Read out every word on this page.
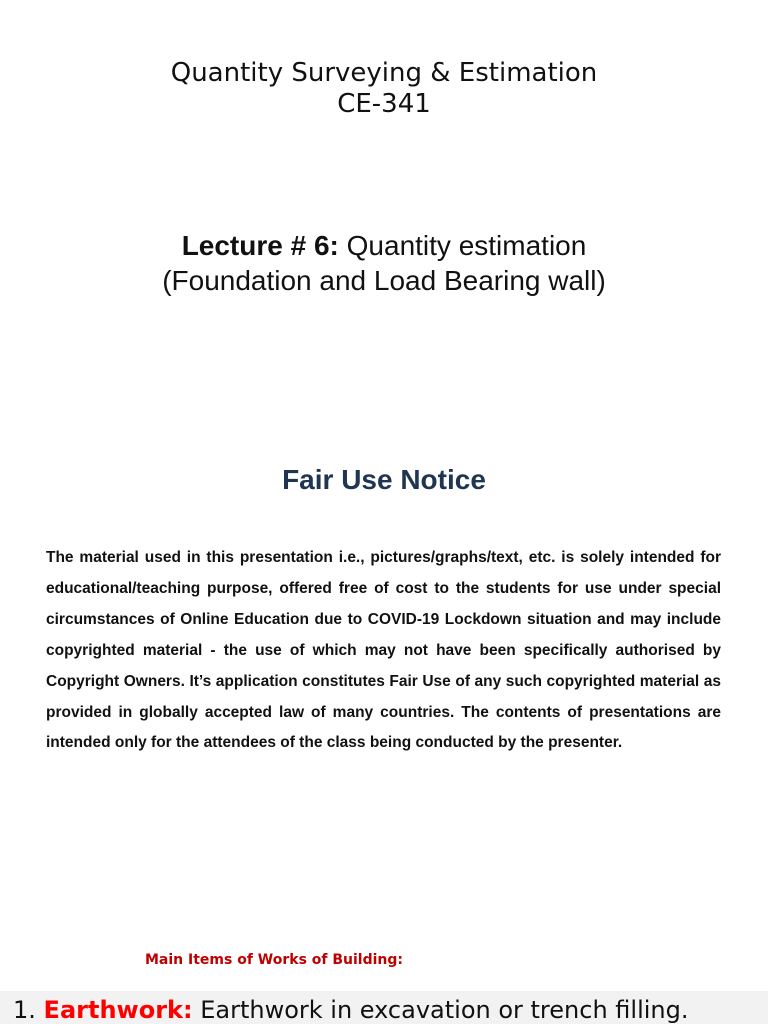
Quantity Surveying & Estimation
CE-341
Lecture # 6: Quantity estimation
(Foundation and Load Bearing wall)
Fair Use Notice
The material used in this presentation i.e., pictures/graphs/text, etc. is solely intended for educational/teaching purpose, offered free of cost to the students for use under special circumstances of Online Education due to COVID-19 Lockdown situation and may include copyrighted material - the use of which may not have been specifically authorised by Copyright Owners. It’s application constitutes Fair Use of any such copyrighted material as provided in globally accepted law of many countries. The contents of presentations are intended only for the attendees of the class being conducted by the presenter.
Main Items of Works of Building:
1. Earthwork: Earthwork in excavation or trench filling.
